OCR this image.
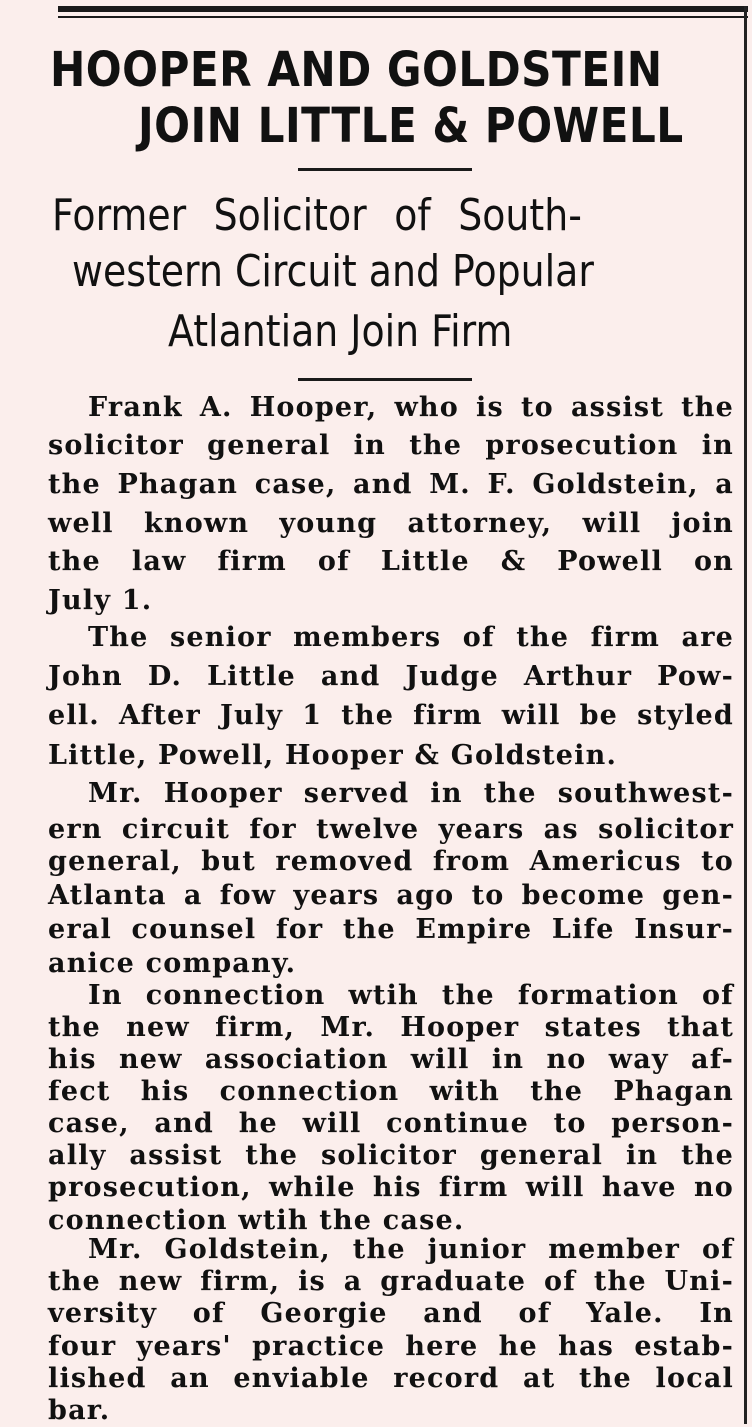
HOOPER AND GOLDSTEIN
JOIN LITTLE & POWELL
Former Solicitor of South-
western Circuit and Popular
Atlantian Join Firm
Frank A. Hooper, who is to assist the
solicitor general in the prosecution in
the Phagan case, and M. F. Goldstein, a
well known young attorney, will join
the law firm of Little & Powell on
July 1.
The senior members of the firm are
John D. Little and Judge Arthur Pow-
ell. After July 1 the firm will be styled
Little, Powell, Hooper & Goldstein.
Mr. Hooper served in the southwest-
ern circuit for twelve years as solicitor
general, but removed from Americus to
Atlanta a fow years ago to become gen-
eral counsel for the Empire Life Insur-
anice company.
In connection wtih the formation of
the new firm, Mr. Hooper states that
his new association will in no way af-
fect his connection with the Phagan
case, and he will continue to person-
ally assist the solicitor general in the
prosecution, while his firm will have no
connection wtih the case.
Mr. Goldstein, the junior member of
the new firm, is a graduate of the Uni-
versity of Georgie and of Yale. In
four years' practice here he has estab-
lished an enviable record at the local
bar.
